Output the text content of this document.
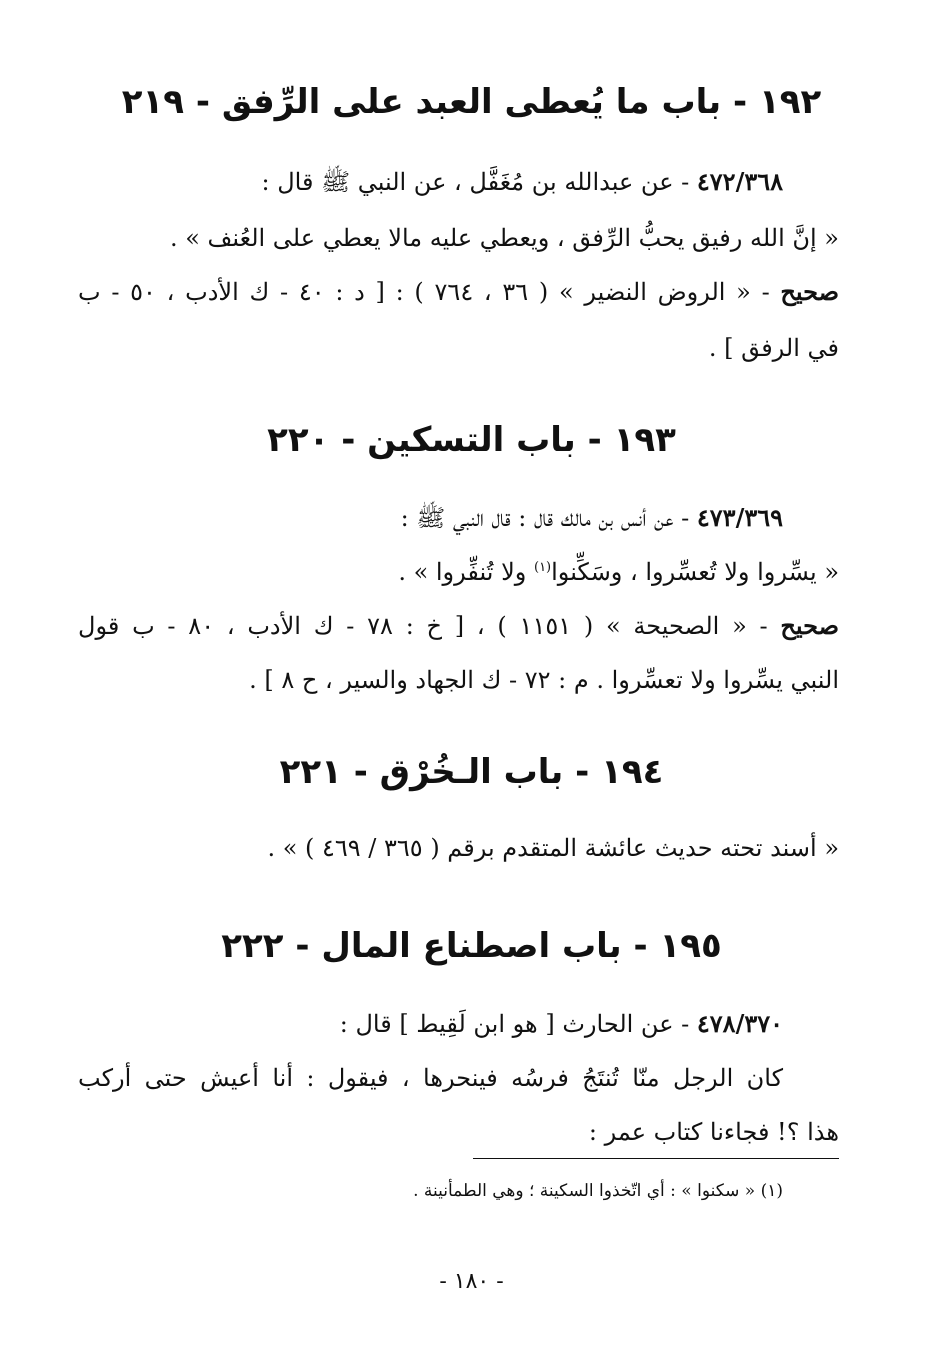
١٩٢ - باب ما يُعطى العبد على الرِّفق - ٢١٩
٤٧٢/٣٦٨ - عن عبدالله بن مُغَفَّل ، عن النبي ﷺ قال :
« إنَّ الله رفيق يحبُّ الرِّفق ، ويعطي عليه مالا يعطي على العُنف » .
صحيح - « الروض النضير » ( ٣٦ ، ٧٦٤ ) : [ د : ٤٠ - ك الأدب ، ٥٠ - ب
في الرفق ] .
١٩٣ - باب التسكين - ٢٢٠
٤٧٣/٣٦٩ - عن أنس بن مالك قال : قال النبي ﷺ :
« يسِّروا ولا تُعسِّروا ، وسَكِّنوا$^{(١)}$ ولا تُنفِّروا » .
صحيح - « الصحيحة » ( ١١٥١ ) ، [ خ : ٧٨ - ك الأدب ، ٨٠ - ب قول
النبي يسِّروا ولا تعسِّروا . م : ٧٢ - ك الجهاد والسير ، ح ٨ ] .
١٩٤ - باب الـخُرْق - ٢٢١
« أسند تحته حديث عائشة المتقدم برقم ( ٣٦٥ / ٤٦٩ ) » .
١٩٥ - باب اصطناع المال - ٢٢٢
٤٧٨/٣٧٠ - عن الحارث [ هو ابن لَقِيط ] قال :
كان الرجل منّا تُنتَجُ فرسُه فينحرها ، فيقول : أنا أعيش حتى أركب
هذا ؟! فجاءنا كتاب عمر :
(١) « سكنوا » : أي اتّخذوا السكينة ؛ وهي الطمأنينة .
- ١٨٠ -
